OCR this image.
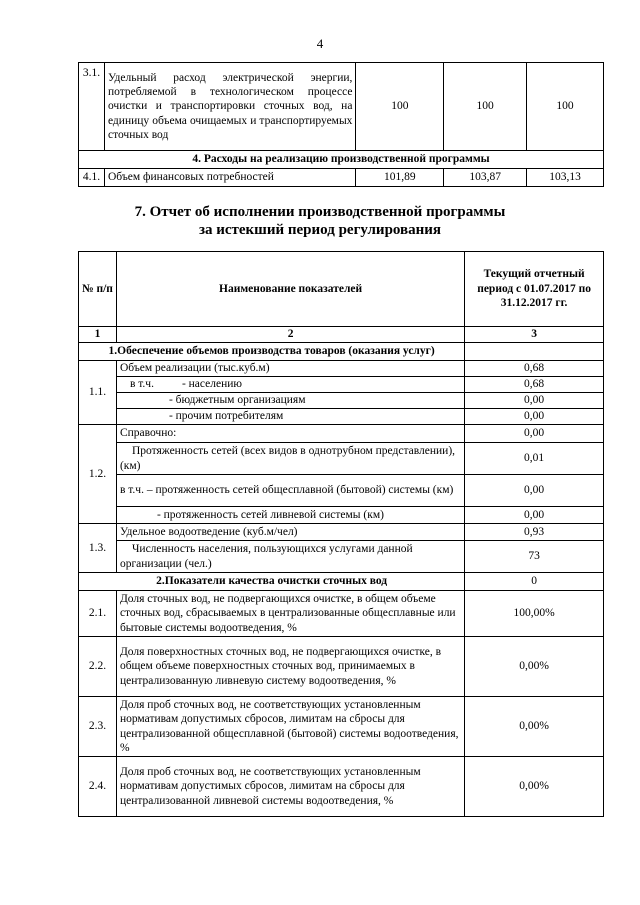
4
3.1.	Удельный расход электрической энергии, потребляемой в технологическом процессе очистки и транспортировки сточных вод, на единицу объема очищаемых и транспортируемых сточных вод	100	100	100
4. Расходы на реализацию производственной программы				
4.1.	Объем финансовых потребностей	101,89	103,87	103,13
7. Отчет об исполнении производственной программы
за истекший период регулирования
№ п/п	Наименование показателей	Текущий отчетный период с 01.07.2017 по 31.12.2017 гг.
1	2	3
1.Обеспечение объемов производства товаров (оказания услуг)		
1.1.	Объем реализации (тыс.куб.м)	0,68
	в т.ч. - населению	0,68
	- бюджетным организациям	0,00
	- прочим потребителям	0,00
1.2.	Справочно:	0,00
	Протяженность сетей (всех видов в однотрубном представлении), (км)	0,01
	в т.ч. – протяженность сетей общесплавной (бытовой) системы (км)	0,00
	- протяженность сетей ливневой системы (км)	0,00
1.3.	Удельное водоотведение (куб.м/чел)	0,93
	Численность населения, пользующихся услугами данной организации (чел.)	73
2.Показатели качества очистки сточных вод		0
2.1.	Доля сточных вод, не подвергающихся очистке, в общем объеме сточных вод, сбрасываемых в централизованные общесплавные или бытовые системы водоотведения, %	100,00%
2.2.	Доля поверхностных сточных вод, не подвергающихся очистке, в общем объеме поверхностных сточных вод, принимаемых в централизованную ливневую систему водоотведения, %	0,00%
2.3.	Доля проб сточных вод, не соответствующих установленным нормативам допустимых сбросов, лимитам на сбросы для централизованной общесплавной (бытовой) системы водоотведения, %	0,00%
2.4.	Доля проб сточных вод, не соответствующих установленным нормативам допустимых сбросов, лимитам на сбросы для централизованной ливневой системы водоотведения, %	0,00%
